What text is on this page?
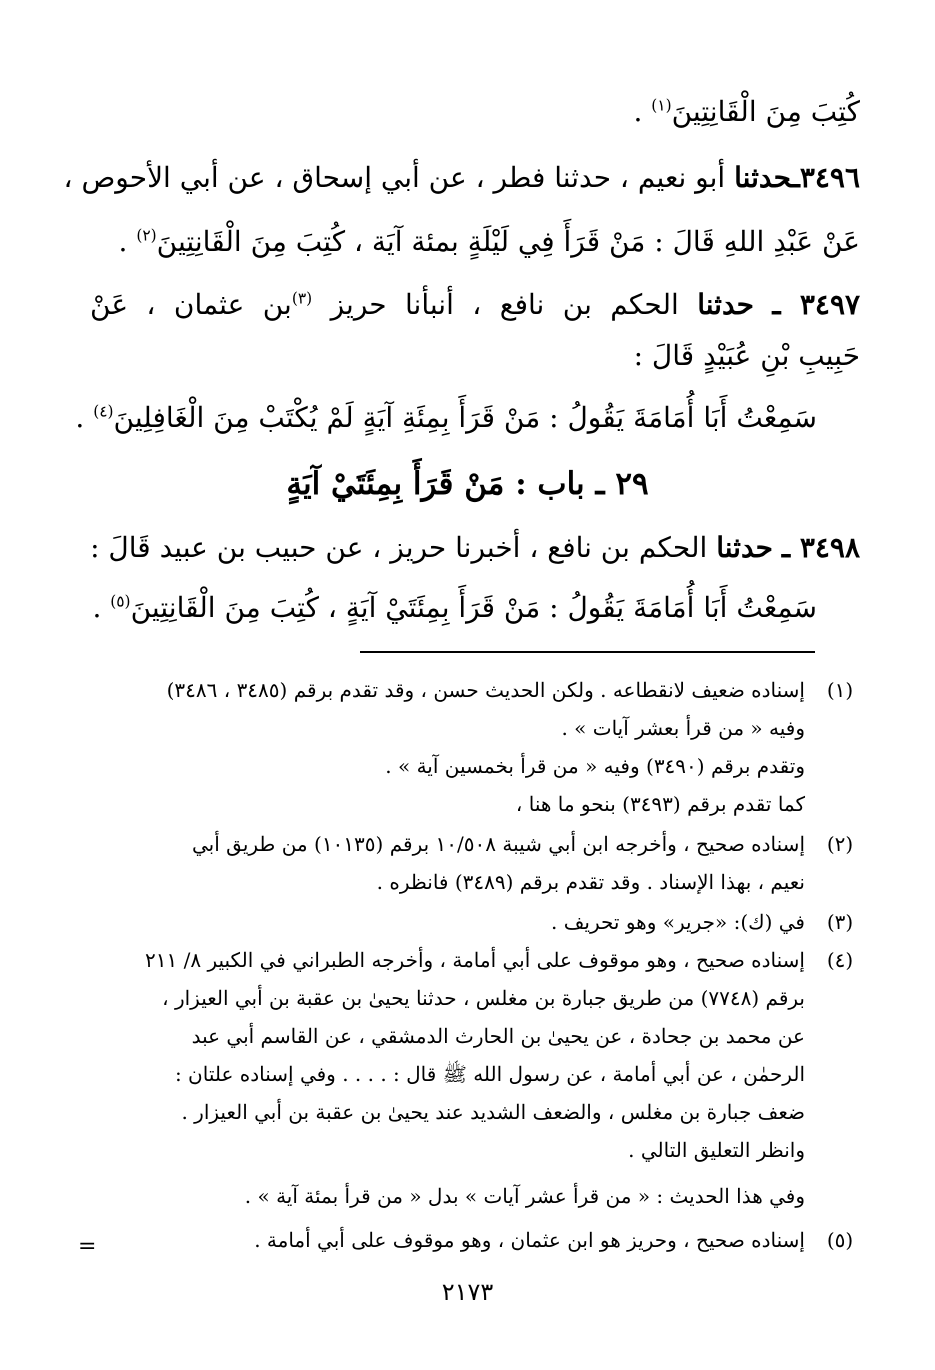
كُتِبَ مِنَ الْقَانِتِينَ$^{(١)}$ .
٣٤٩٦ـحدثنا أبو نعيم ، حدثنا فطر ، عن أبي إسحاق ، عن أبي الأحوص ،
عَنْ عَبْدِ اللهِ قَالَ : مَنْ قَرَأَ فِي لَيْلَةٍ بمئة آيَة ، كُتِبَ مِنَ الْقَانِتِينَ$^{(٢)}$ .
٣٤٩٧ ـ حدثنا الحكم بن نافع ، أنبأنا حريز $^{(٣)}$بن عثمان ، عَنْ
حَبِيبِ بْنِ عُبَيْدٍ قَالَ :
سَمِعْتُ أَبَا أُمَامَةَ يَقُولُ : مَنْ قَرَأَ بِمِئَةِ آيَةٍ لَمْ يُكْتَبْ مِنَ الْغَافِلِينَ$^{(٤)}$ .
٢٩ ـ باب : مَنْ قَرَأَ بِمِئَتَيْ آيَةٍ
٣٤٩٨ ـ حدثنا الحكم بن نافع ، أخبرنا حريز ، عن حبيب بن عبيد قَالَ :
سَمِعْتُ أَبَا أُمَامَةَ يَقُولُ : مَنْ قَرَأَ بِمِئَتَيْ آيَةٍ ، كُتِبَ مِنَ الْقَانِتِينَ$^{(٥)}$ .
(١)
إسناده ضعيف لانقطاعه . ولكن الحديث حسن ، وقد تقدم برقم (٣٤٨٥ ، ٣٤٨٦)
وفيه « من قرأ بعشر آيات » .
وتقدم برقم (٣٤٩٠) وفيه « من قرأ بخمسين آية » .
كما تقدم برقم (٣٤٩٣) بنحو ما هنا ،
(٢)
إسناده صحيح ، وأخرجه ابن أبي شيبة ١٠/٥٠٨ برقم (١٠١٣٥) من طريق أبي
نعيم ، بهذا الإسناد . وقد تقدم برقم (٣٤٨٩) فانظره .
(٣)
في (ك): «جرير» وهو تحريف .
(٤)
إسناده صحيح ، وهو موقوف على أبي أمامة ، وأخرجه الطبراني في الكبير ٨/ ٢١١
برقم (٧٧٤٨) من طريق جبارة بن مغلس ، حدثنا يحيىٰ بن عقبة بن أبي العيزار ،
عن محمد بن جحادة ، عن يحيىٰ بن الحارث الدمشقي ، عن القاسم أبي عبد
الرحمٰن ، عن أبي أمامة ، عن رسول الله ﷺ قال : . . . . وفي إسناده علتان :
ضعف جبارة بن مغلس ، والضعف الشديد عند يحيىٰ بن عقبة بن أبي العيزار .
وانظر التعليق التالي .
وفي هذا الحديث : « من قرأ عشر آيات » بدل « من قرأ بمئة آية » .
(٥)
إسناده صحيح ، وحريز هو ابن عثمان ، وهو موقوف على أبي أمامة .
=
٢١٧٣
